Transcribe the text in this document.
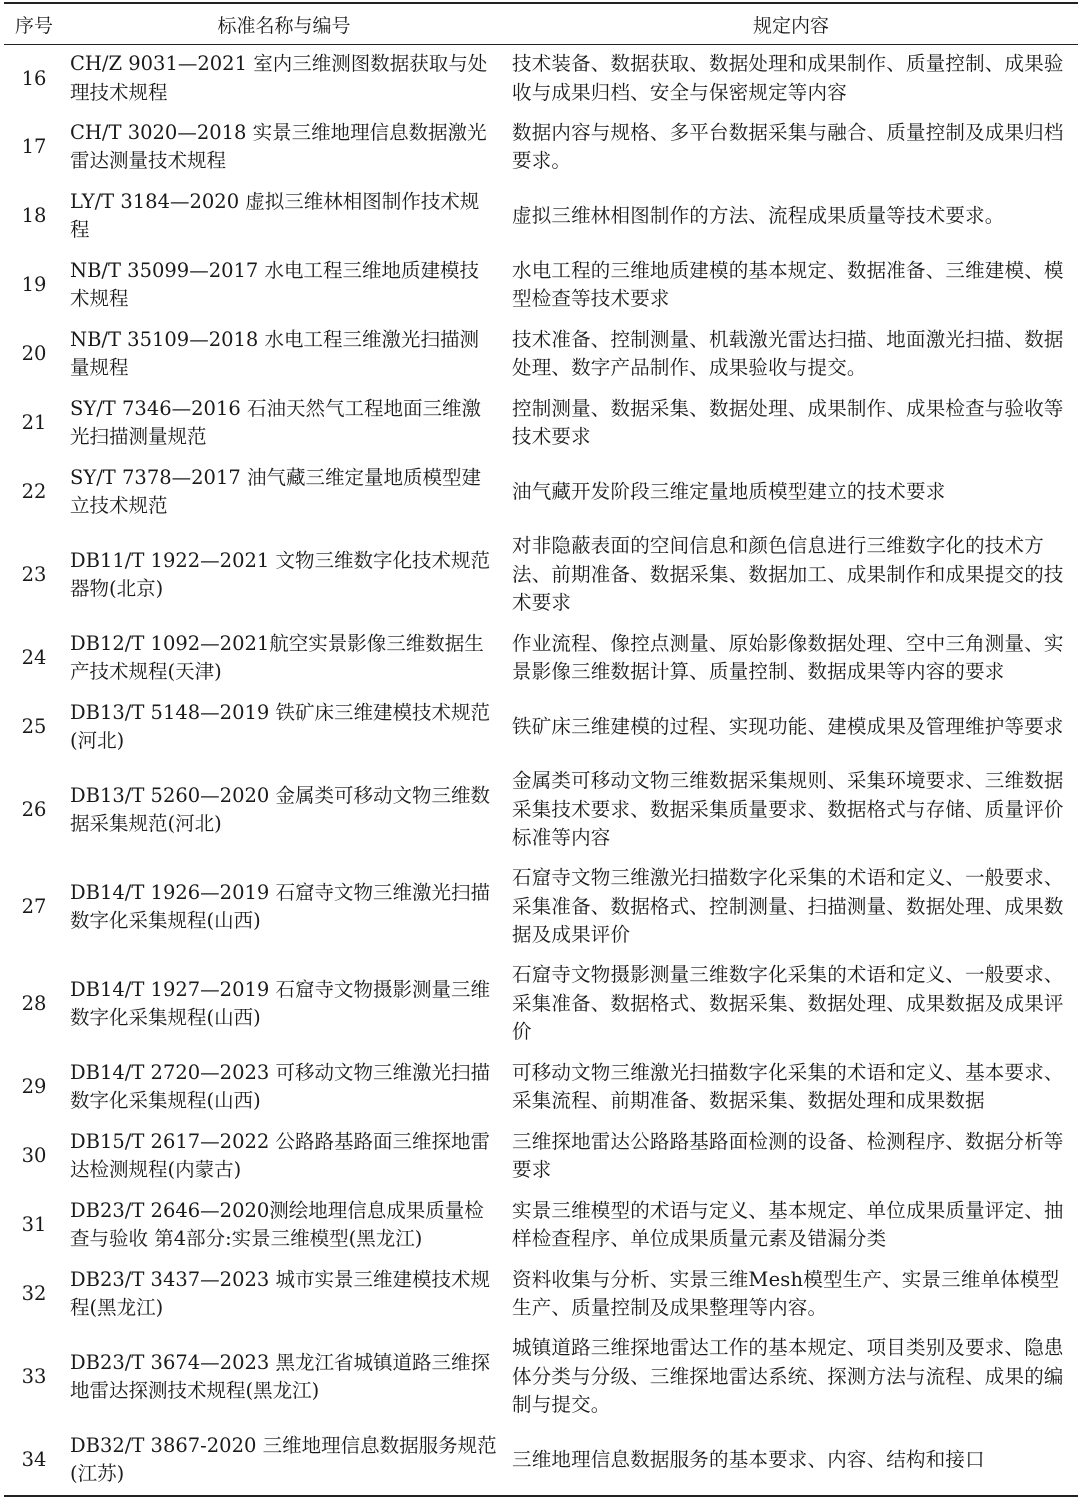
序号	标准名称与编号	规定内容
16	CH/Z 9031—2021 室内三维测图数据获取与处理技术规程	技术装备、数据获取、数据处理和成果制作、质量控制、成果验收与成果归档、安全与保密规定等内容
17	CH/T 3020—2018 实景三维地理信息数据激光雷达测量技术规程	数据内容与规格、多平台数据采集与融合、质量控制及成果归档要求。
18	LY/T 3184—2020 虚拟三维林相图制作技术规程	虚拟三维林相图制作的方法、流程成果质量等技术要求。
19	NB/T 35099—2017 水电工程三维地质建模技术规程	水电工程的三维地质建模的基本规定、数据准备、三维建模、模型检查等技术要求
20	NB/T 35109—2018 水电工程三维激光扫描测量规程	技术准备、控制测量、机载激光雷达扫描、地面激光扫描、数据处理、数字产品制作、成果验收与提交。
21	SY/T 7346—2016 石油天然气工程地面三维激光扫描测量规范	控制测量、数据采集、数据处理、成果制作、成果检查与验收等技术要求
22	SY/T 7378—2017 油气藏三维定量地质模型建立技术规范	油气藏开发阶段三维定量地质模型建立的技术要求
23	DB11/T 1922—2021 文物三维数字化技术规范器物(北京)	对非隐蔽表面的空间信息和颜色信息进行三维数字化的技术方法、前期准备、数据采集、数据加工、成果制作和成果提交的技术要求
24	DB12/T 1092—2021航空实景影像三维数据生产技术规程(天津)	作业流程、像控点测量、原始影像数据处理、空中三角测量、实景影像三维数据计算、质量控制、数据成果等内容的要求
25	DB13/T 5148—2019 铁矿床三维建模技术规范(河北)	铁矿床三维建模的过程、实现功能、建模成果及管理维护等要求
26	DB13/T 5260—2020 金属类可移动文物三维数据采集规范(河北)	金属类可移动文物三维数据采集规则、采集环境要求、三维数据采集技术要求、数据采集质量要求、数据格式与存储、质量评价标准等内容
27	DB14/T 1926—2019 石窟寺文物三维激光扫描数字化采集规程(山西)	石窟寺文物三维激光扫描数字化采集的术语和定义、一般要求、采集准备、数据格式、控制测量、扫描测量、数据处理、成果数据及成果评价
28	DB14/T 1927—2019 石窟寺文物摄影测量三维数字化采集规程(山西)	石窟寺文物摄影测量三维数字化采集的术语和定义、一般要求、采集准备、数据格式、数据采集、数据处理、成果数据及成果评价
29	DB14/T 2720—2023 可移动文物三维激光扫描数字化采集规程(山西)	可移动文物三维激光扫描数字化采集的术语和定义、基本要求、采集流程、前期准备、数据采集、数据处理和成果数据
30	DB15/T 2617—2022 公路路基路面三维探地雷达检测规程(内蒙古)	三维探地雷达公路路基路面检测的设备、检测程序、数据分析等要求
31	DB23/T 2646—2020测绘地理信息成果质量检查与验收 第4部分:实景三维模型(黑龙江)	实景三维模型的术语与定义、基本规定、单位成果质量评定、抽样检查程序、单位成果质量元素及错漏分类
32	DB23/T 3437—2023 城市实景三维建模技术规程(黑龙江)	资料收集与分析、实景三维Mesh模型生产、实景三维单体模型生产、质量控制及成果整理等内容。
33	DB23/T 3674—2023 黑龙江省城镇道路三维探地雷达探测技术规程(黑龙江)	城镇道路三维探地雷达工作的基本规定、项目类别及要求、隐患体分类与分级、三维探地雷达系统、探测方法与流程、成果的编制与提交。
34	DB32/T 3867-2020 三维地理信息数据服务规范(江苏)	三维地理信息数据服务的基本要求、内容、结构和接口
